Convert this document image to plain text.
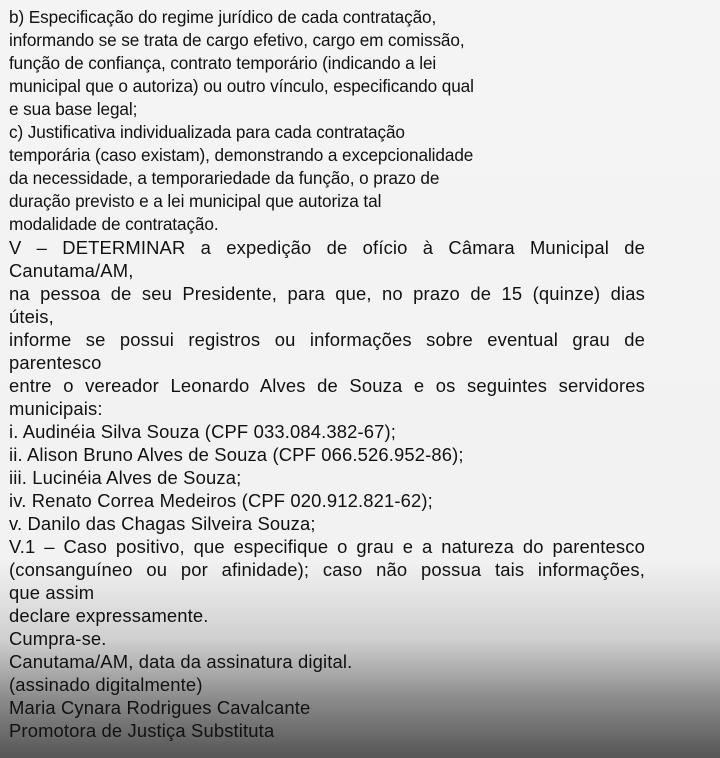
b) Especificação do regime jurídico de cada contratação,
informando se se trata de cargo efetivo, cargo em comissão,
função de confiança, contrato temporário (indicando a lei
municipal que o autoriza) ou outro vínculo, especificando qual
e sua base legal;
c) Justificativa individualizada para cada contratação
temporária (caso existam), demonstrando a excepcionalidade
da necessidade, a temporariedade da função, o prazo de
duração previsto e a lei municipal que autoriza tal
modalidade de contratação.
V – DETERMINAR a expedição de ofício à Câmara Municipal de
Canutama/AM,
na pessoa de seu Presidente, para que, no prazo de 15 (quinze) dias
úteis,
informe se possui registros ou informações sobre eventual grau de
parentesco
entre o vereador Leonardo Alves de Souza e os seguintes servidores
municipais:
i. Audinéia Silva Souza (CPF 033.084.382-67);
ii. Alison Bruno Alves de Souza (CPF 066.526.952-86);
iii. Lucinéia Alves de Souza;
iv. Renato Correa Medeiros (CPF 020.912.821-62);
v. Danilo das Chagas Silveira Souza;
V.1 – Caso positivo, que especifique o grau e a natureza do parentesco
(consanguíneo ou por afinidade); caso não possua tais informações,
que assim
declare expressamente.
Cumpra-se.
Canutama/AM, data da assinatura digital.
(assinado digitalmente)
Maria Cynara Rodrigues Cavalcante
Promotora de Justiça Substituta
